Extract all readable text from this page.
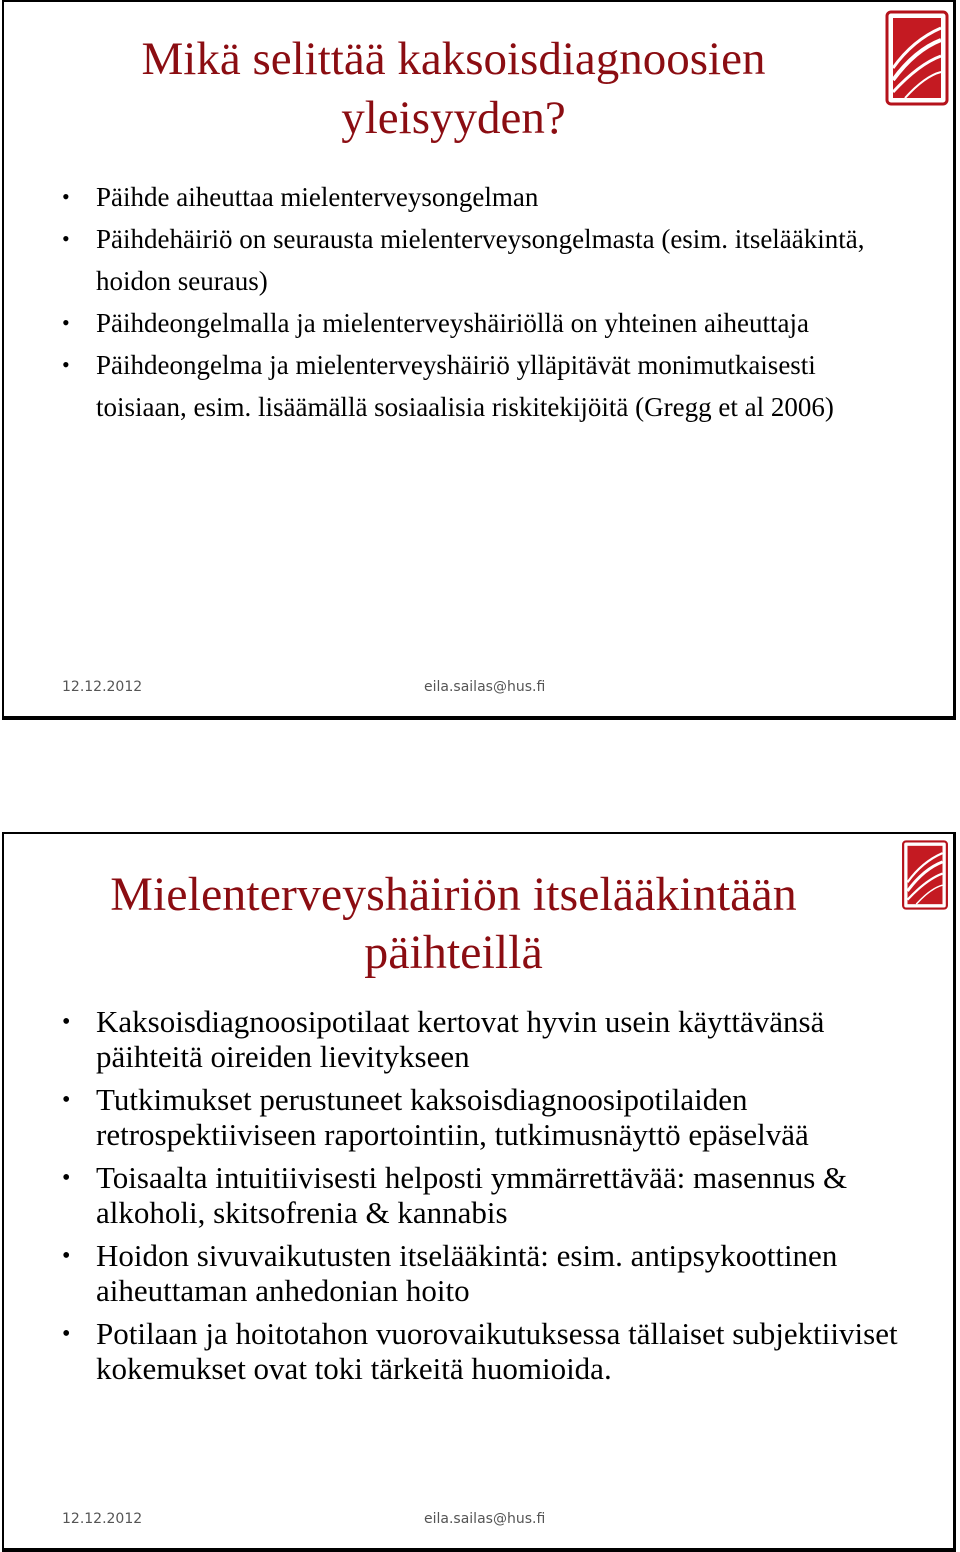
Mikä selittää kaksoisdiagnoosien yleisyyden?
• Päihde aiheuttaa mielenterveysongelman
• Päihdehäiriö on seurausta mielenterveysongelmasta (esim. itselääkintä, hoidon seuraus)
• Päihdeongelmalla ja mielenterveyshäiriöllä on yhteinen aiheuttaja
• Päihdeongelma ja mielenterveyshäiriö ylläpitävät monimutkaisesti toisiaan, esim. lisäämällä sosiaalisia riskitekijöitä (Gregg et al 2006)
12.12.2012	eila.sailas@hus.fi
Mielenterveyshäiriön itselääkintään päihteillä
• Kaksoisdiagnoosipotilaat kertovat hyvin usein käyttävänsä päihteitä oireiden lievitykseen
• Tutkimukset perustuneet kaksoisdiagnoosipotilaiden retrospektiiviseen raportointiin, tutkimusnäyttö epäselvää
• Toisaalta intuitiivisesti helposti ymmärrettävää: masennus & alkoholi, skitsofrenia & kannabis
• Hoidon sivuvaikutusten itselääkintä: esim. antipsykoottinen aiheuttaman anhedonian hoito
• Potilaan ja hoitotahon vuorovaikutuksessa tällaiset subjektiiviset kokemukset ovat toki tärkeitä huomioida.
12.12.2012	eila.sailas@hus.fi
